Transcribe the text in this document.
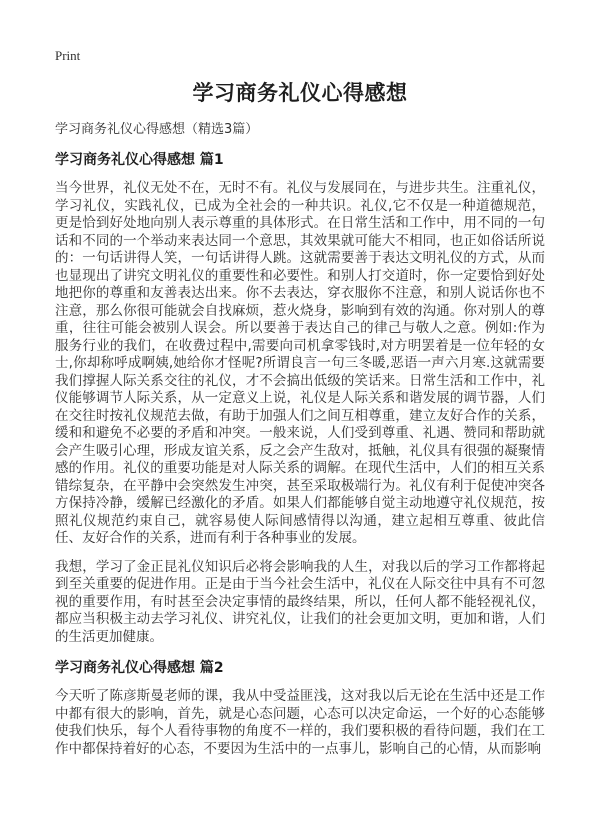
Print
学习商务礼仪心得感想
学习商务礼仪心得感想（精选3篇）
学习商务礼仪心得感想 篇1

当今世界，礼仪无处不在，无时不有。礼仪与发展同在，与进步共生。注重礼仪，学习礼仪，实践礼仪，已成为全社会的一种共识。礼仪,它不仅是一种道德规范，更是恰到好处地向别人表示尊重的具体形式。在日常生活和工作中，用不同的一句话和不同的一个举动来表达同一个意思，其效果就可能大不相同，也正如俗话所说的：一句话讲得人笑，一句话讲得人跳。这就需要善于表达文明礼仪的方式，从而也显现出了讲究文明礼仪的重要性和必要性。和别人打交道时，你一定要恰到好处地把你的尊重和友善表达出来。你不去表达，穿衣服你不注意，和别人说话你也不注意，那么你很可能就会自找麻烦，惹火烧身，影响到有效的沟通。你对别人的尊重，往往可能会被别人误会。所以要善于表达自己的律己与敬人之意。例如:作为服务行业的我们，在收费过程中,需要向司机拿零钱时,对方明罢着是一位年轻的女士,你却称呼成啊姨,她给你才怪呢?所谓良言一句三冬暖,恶语一声六月寒.这就需要我们撑握人际关系交往的礼仪，才不会搞出低级的笑话来。日常生活和工作中，礼仪能够调节人际关系，从一定意义上说，礼仪是人际关系和谐发展的调节器，人们在交往时按礼仪规范去做，有助于加强人们之间互相尊重，建立友好合作的关系，缓和和避免不必要的矛盾和冲突。一般来说，人们受到尊重、礼遇、赞同和帮助就会产生吸引心理，形成友谊关系，反之会产生敌对，抵触，礼仪具有很强的凝聚情感的作用。礼仪的重要功能是对人际关系的调解。在现代生活中，人们的相互关系错综复杂，在平静中会突然发生冲突，甚至采取极端行为。礼仪有利于促使冲突各方保持冷静，缓解已经激化的矛盾。如果人们都能够自觉主动地遵守礼仪规范，按照礼仪规范约束自己，就容易使人际间感情得以沟通，建立起相互尊重、彼此信任、友好合作的关系，进而有利于各种事业的发展。

我想，学习了金正昆礼仪知识后必将会影响我的人生，对我以后的学习工作都将起到至关重要的促进作用。正是由于当今社会生活中，礼仪在人际交往中具有不可忽视的重要作用，有时甚至会决定事情的最终结果，所以，任何人都不能轻视礼仪，都应当积极主动去学习礼仪、讲究礼仪，让我们的社会更加文明，更加和谐，人们的生活更加健康。

学习商务礼仪心得感想 篇2

今天听了陈彦斯曼老师的课，我从中受益匪浅，这对我以后无论在生活中还是工作中都有很大的影响，首先，就是心态问题，心态可以决定命运，一个好的心态能够使我们快乐，每个人看待事物的角度不一样的，我们要积极的看待问题，我们在工作中都保持着好的心态，不要因为生活中的一点事儿，影响自己的心情，从而影响
